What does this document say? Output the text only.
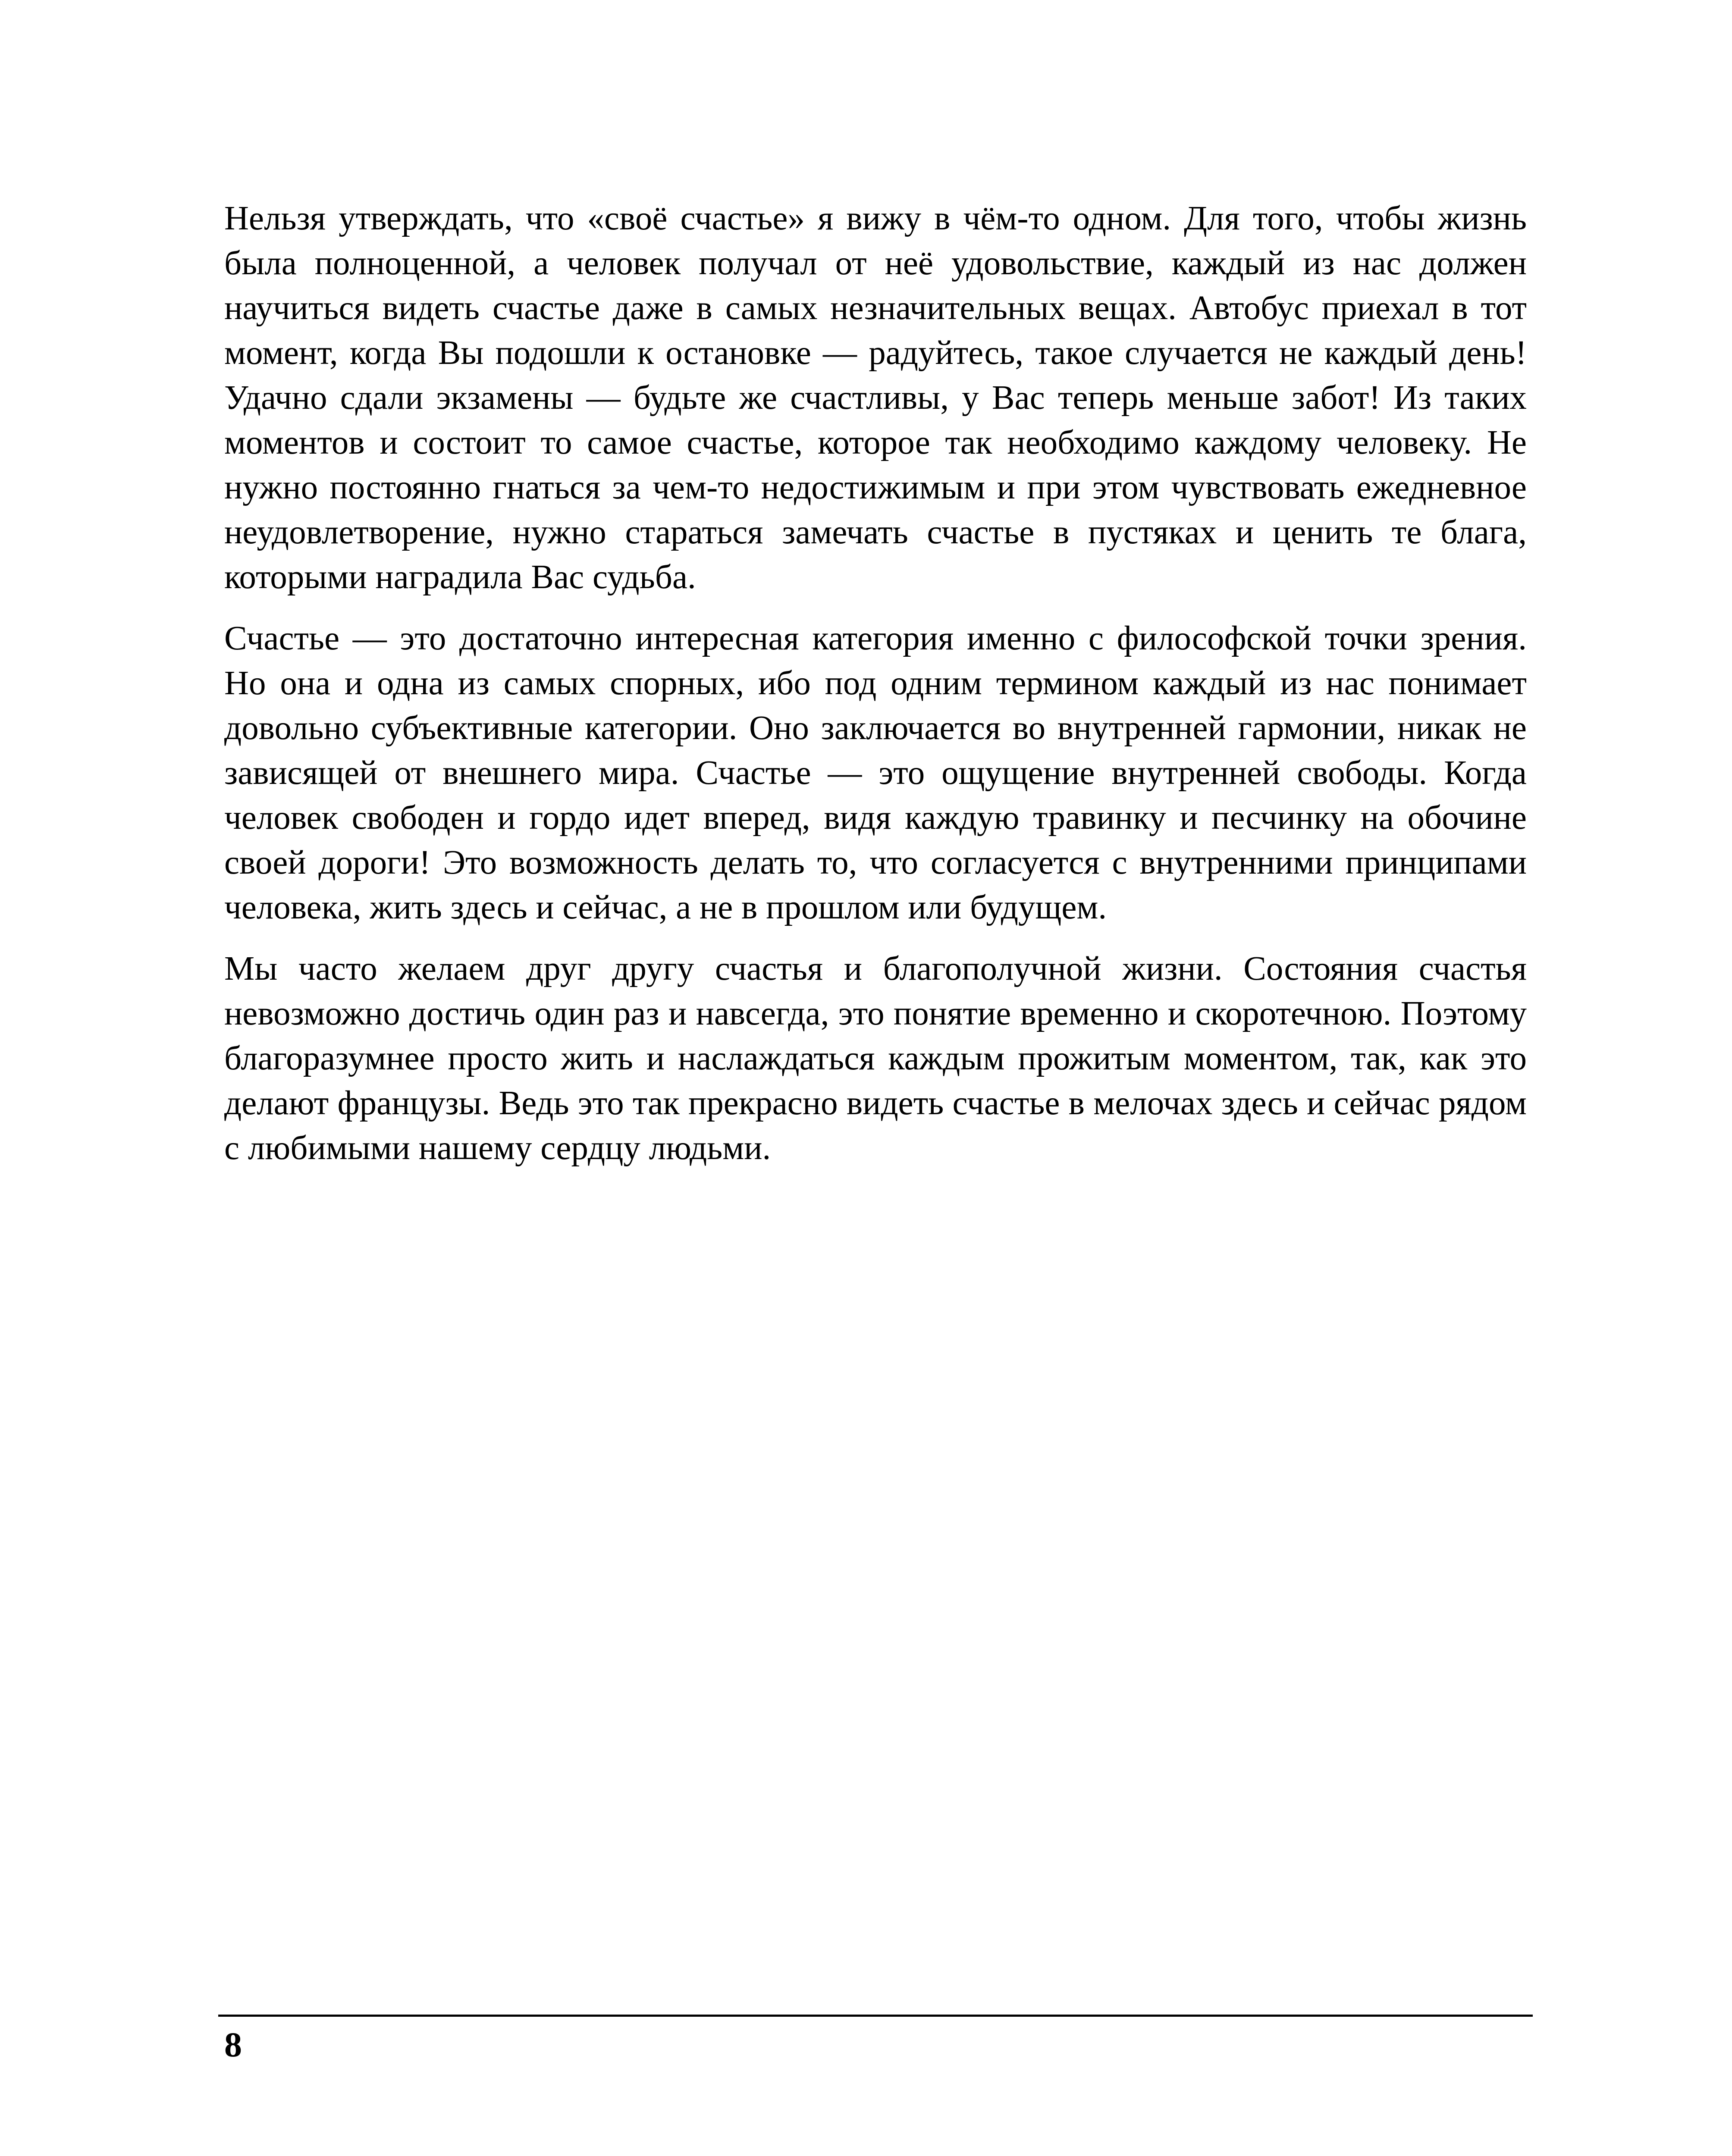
Нельзя утверждать, что «своё счастье» я вижу в чём-то одном. Для того, чтобы жизнь была полноценной, а человек получал от неё удовольствие, каждый из нас должен научиться видеть счастье даже в самых незначительных вещах. Автобус приехал в тот момент, когда Вы подошли к остановке — радуйтесь, такое случается не каждый день! Удачно сдали экзамены — будьте же счастливы, у Вас теперь меньше забот! Из таких моментов и состоит то самое счастье, которое так необходимо каждому человеку. Не нужно постоянно гнаться за чем-то недостижимым и при этом чувствовать ежедневное неудовлетворение, нужно стараться замечать счастье в пустяках и ценить те блага, которыми наградила Вас судьба.

Счастье — это достаточно интересная категория именно с философской точки зрения. Но она и одна из самых спорных, ибо под одним термином каждый из нас понимает довольно субъективные категории. Оно заключается во внутренней гармонии, никак не зависящей от внешнего мира. Счастье — это ощущение внутренней свободы. Когда человек свободен и гордо идет вперед, видя каждую травинку и песчинку на обочине своей дороги! Это возможность делать то, что согласуется с внутренними принципами человека, жить здесь и сейчас, а не в прошлом или будущем.

Мы часто желаем друг другу счастья и благополучной жизни. Состояния счастья невозможно достичь один раз и навсегда, это понятие временно и скоротечною. Поэтому благоразумнее просто жить и наслаждаться каждым прожитым моментом, так, как это делают французы. Ведь это так прекрасно видеть счастье в мелочах здесь и сейчас рядом с любимыми нашему сердцу людьми.

8
